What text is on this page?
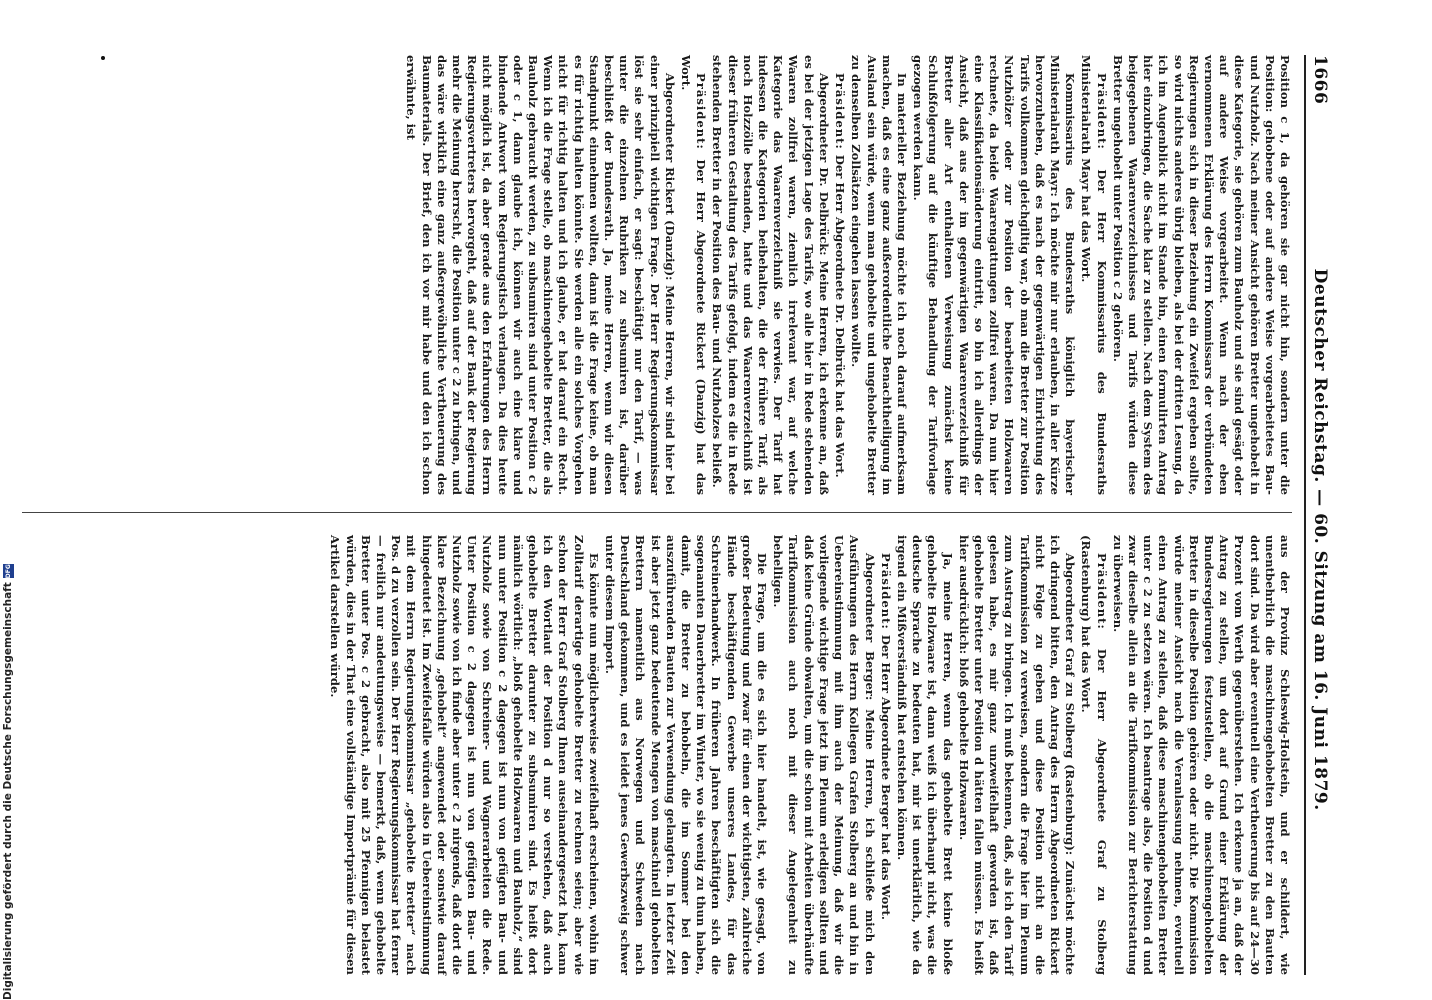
1666
Deutscher Reichstag. — 60. Sitzung am 16. Juni 1879.

Position c 1, da gehören sie gar nicht hin, sondern unter die Position: gehobene oder auf andere Weise vorgearbeitetes Bau- und Nutzholz. Nach meiner Ansicht gehören Bretter ungehobelt in diese Kategorie, sie gehören zum Bauholz und sie sind gesägt oder auf andere Weise vorgearbeitet. Wenn nach der eben vernommenen Erklärung des Herrn Kommissars der verbündeten Regierungen sich in dieser Beziehung ein Zweifel ergeben sollte, so wird nichts anderes übrig bleiben, als bei der dritten Lesung, da ich im Augenblick nicht im Stande bin, einen formulirten Antrag hier einzubringen, die Sache klar zu stellen. Nach dem System des beigegebenen Waarenverzeichnisses und Tarifs würden diese Bretter ungehobelt unter Position c 2 gehören.

Präsident: Der Herr Kommissarius des Bundesraths Ministerialrath Mayr hat das Wort.

Kommissarius des Bundesraths königlich bayerischer Ministerialrath Mayr: Ich möchte mir nur erlauben, in aller Kürze hervorzuheben, daß es nach der gegenwärtigen Einrichtung des Tarifs vollkommen gleichgiltig war, ob man die Bretter zur Position Nutzhölzer oder zur Position der bearbeiteten Holzwaaren rechnete, da beide Waarengattungen zollfrei waren. Da nun hier eine Klassifikationsänderung eintritt, so bin ich allerdings der Ansicht, daß aus der im gegenwärtigen Waarenverzeichniß für Bretter aller Art enthaltenen Verweisung zunächst keine Schlußfolgerung auf die künftige Behandlung der Tarifvorlage gezogen werden kann.

In materieller Beziehung möchte ich noch darauf aufmerksam machen, daß es eine ganz außerordentliche Benachtheiligung im Ausland sein würde, wenn man gehobelte und ungehobelte Bretter zu denselben Zollsätzen eingehen lassen wollte.

Präsident: Der Herr Abgeordnete Dr. Delbrück hat das Wort.

Abgeordneter Dr. Delbrück: Meine Herren, ich erkenne an, daß es bei der jetzigen Lage des Tarifs, wo alle hier in Rede stehenden Waaren zollfrei waren, ziemlich irrelevant war, auf welche Kategorie das Waarenverzeichniß sie verwies. Der Tarif hat indessen die Kategorien beibehalten, die der frühere Tarif, als noch Holzzölle bestanden, hatte und das Waarenverzeichniß ist dieser früheren Gestaltung des Tarifs gefolgt, indem es die in Rede stehenden Bretter in der Position des Bau- und Nutzholzes beließ.

Präsident: Der Herr Abgeordnete Rickert (Danzig) hat das Wort.

Abgeordneter Rickert (Danzig): Meine Herren, wir sind hier bei einer prinzipiell wichtigen Frage. Der Herr Regierungskommissar löst sie sehr einfach, er sagt: beschäftigt nur den Tarif, — was unter die einzelnen Rubriken zu subsumiren ist, darüber beschließt der Bundesrath. Ja, meine Herren, wenn wir diesen Standpunkt einnehmen wollten, dann ist die Frage keine, ob man es für richtig halten könnte. Sie werden alle ein solches Vorgehen nicht für richtig halten und ich glaube, er hat darauf ein Recht. Wenn ich die Frage stelle, ob maschinengehobelte Bretter, die als Bauholz gebraucht werden, zu subsumiren sind unter Position c 2 oder c 1, dann glaube ich, können wir auch eine klare und bindende Antwort vom Regierungstisch verlangen. Da dies heute nicht möglich ist, da aber gerade aus den Erfahrungen des Herrn Regierungsvertreters hervorgeht, daß auf der Bank der Regierung mehr die Meinung herrscht, die Position unter c 2 zu bringen, und das wäre wirklich eine ganz außergewöhnliche Vertheuerung des Baumaterials. Der Brief, den ich vor mir habe und den ich schon erwähnte, ist

aus der Provinz Schleswig-Holstein, und er schildert, wie unentbehrlich die maschinengehobelten Bretter zu den Bauten dort sind. Da wird aber eventuell eine Vertheuerung bis auf 24—30 Prozent vom Werth gegenüberstehen. Ich erkenne ja an, daß der Antrag zu stellen, um dort auf Grund einer Erklärung der Bundesregierungen festzustellen, ob die maschinengehobelten Bretter in dieselbe Position gehören oder nicht. Die Kommission würde meiner Ansicht nach die Veranlassung nehmen, eventuell einen Antrag zu stellen, daß diese maschinengehobelten Bretter unter c 2 zu setzen wären. Ich beantrage also, die Position d und zwar dieselbe allein an die Tarifkommission zur Berichterstattung zu überweisen.

Präsident: Der Herr Abgeordnete Graf zu Stolberg (Rastenburg) hat das Wort.

Abgeordneter Graf zu Stolberg (Rastenburg): Zunächst möchte ich dringend bitten, den Antrag des Herrn Abgeordneten Rickert nicht Folge zu geben und diese Position nicht an die Tarifkommission zu verweisen, sondern die Frage hier im Plenum zum Austrag zu bringen. Ich muß bekennen, daß, als ich den Tarif gelesen habe, es mir ganz unzweifelhaft geworden ist, daß gehobelte Bretter unter Position d hätten fallen müssen. Es heißt hier ausdrücklich: bloß gehobelte Holzwaaren.

Ja, meine Herren, wenn das gehobelte Brett keine bloße gehobelte Holzwaare ist, dann weiß ich überhaupt nicht, was die deutsche Sprache zu bedeuten hat, mir ist unerklärlich, wie da irgend ein Mißverständniß hat entstehen können.

Präsident: Der Herr Abgeordnete Berger hat das Wort.

Abgeordneter Berger: Meine Herren, ich schließe mich den Ausführungen des Herrn Kollegen Grafen Stolberg an und bin in Uebereinstimmung mit ihm auch der Meinung, daß wir die vorliegende wichtige Frage jetzt im Plenum erledigen sollten und daß keine Gründe obwalten, um die schon mit Arbeiten überhäufte Tarifkommission auch noch mit dieser Angelegenheit zu behelligen.

Die Frage, um die es sich hier handelt, ist, wie gesagt, von großer Bedeutung und zwar für einen der wichtigsten, zahlreiche Hände beschäftigenden Gewerbe unseres Landes, für das Schreinerhandwerk. In früheren Jahren beschäftigten sich die sogenannten Dauerbretter im Winter, wo sie wenig zu thun haben, damit, die Bretter zu behobeln, die im Sommer bei den auszuführenden Bauten zur Verwendung gelangten. In letzter Zeit ist aber jetzt ganz bedeutende Mengen von maschinell gehobelten Brettern namentlich aus Norwegen und Schweden nach Deutschland gekommen, und es leidet jenes Gewerbszweig schwer unter diesem Import.

Es könnte nun möglicherweise zweifelhaft erscheinen, wohin im Zolltarif derartige gehobelte Bretter zu rechnen seien; aber wie schon der Herr Graf Stolberg Ihnen auseinandergesetzt hat, kann ich den Wortlaut der Position d nur so verstehen, daß auch gehobelte Bretter darunter zu subsumiren sind. Es heißt dort nämlich wörtlich: „bloß gehobelte Holzwaaren und Bauholz,“ sind nun unter Position c 2 dagegen ist nun von gefügten Bau- und Nutzholz sowie von Schreiner- und Wagnerarbeiten die Rede. Unter Position c 2 dagegen ist nun von gefügten Bau- und Nutzholz sowie von ich finde aber unter c 2 nirgends, daß dort die klare Bezeichnung „gehobelt“ angewendet oder sonstwie darauf hingedeutet ist. Im Zweifelsfalle würden also in Uebereinstimmung mit dem Herrn Regierungskommissar „gehobelte Bretter“ nach Pos. d zu verzollen sein. Der Herr Regierungskommissar hat ferner — freilich nur andeutungsweise — bemerkt, daß, wenn gehobelte Bretter unter Pos. c 2 gebracht, also mit 25 Pfennigen belastet würden, dies in der That eine vollständige Importprämie für diesen Artikel darstellen würde.

Digitalisierung gefördert durch die Deutsche Forschungsgemeinschaft
DFG
